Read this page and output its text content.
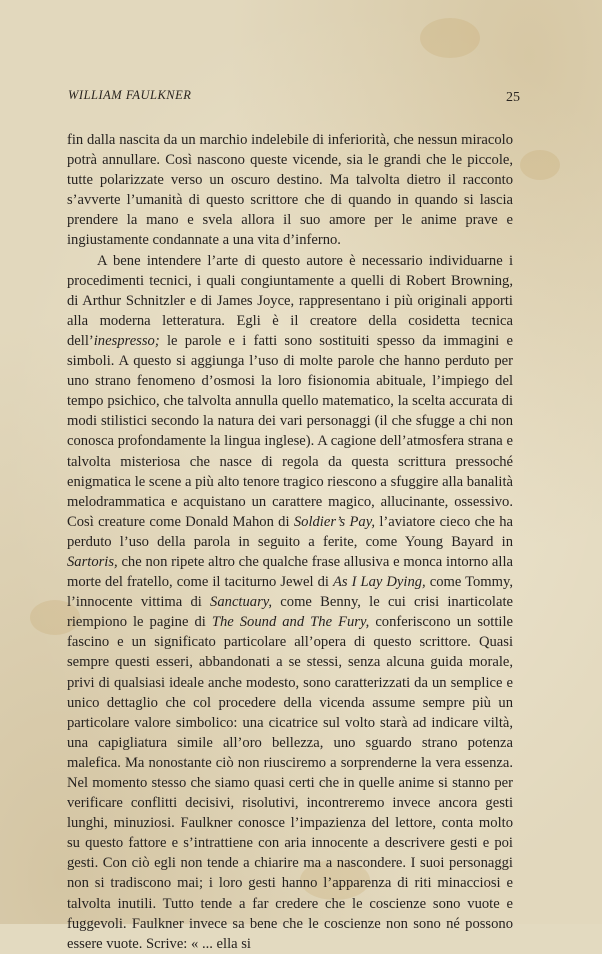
WILLIAM FAULKNER	25

fin dalla nascita da un marchio indelebile di inferiorità, che nessun miracolo potrà annullare. Così nascono queste vicende, sia le grandi che le piccole, tutte polarizzate verso un oscuro destino. Ma talvolta dietro il racconto s’avverte l’umanità di questo scrittore che di quando in quando si lascia prendere la mano e svela allora il suo amore per le anime prave e ingiustamente condannate a una vita d’inferno.

A bene intendere l’arte di questo autore è necessario individuarne i procedimenti tecnici, i quali congiuntamente a quelli di Robert Browning, di Arthur Schnitzler e di James Joyce, rappresentano i più originali apporti alla moderna letteratura. Egli è il creatore della cosidetta tecnica dell’inespresso; le parole e i fatti sono sostituiti spesso da immagini e simboli. A questo si aggiunga l’uso di molte parole che hanno perduto per uno strano fenomeno d’osmosi la loro fisionomia abituale, l’impiego del tempo psichico, che talvolta annulla quello matematico, la scelta accurata di modi stilistici secondo la natura dei vari personaggi (il che sfugge a chi non conosca profondamente la lingua inglese). A cagione dell’atmosfera strana e talvolta misteriosa che nasce di regola da questa scrittura pressoché enigmatica le scene a più alto tenore tragico riescono a sfuggire alla banalità melodrammatica e acquistano un carattere magico, allucinante, ossessivo. Così creature come Donald Mahon di Soldier’s Pay, l’aviatore cieco che ha perduto l’uso della parola in seguito a ferite, come Young Bayard in Sartoris, che non ripete altro che qualche frase allusiva e monca intorno alla morte del fratello, come il taciturno Jewel di As I Lay Dying, come Tommy, l’innocente vittima di Sanctuary, come Benny, le cui crisi inarticolate riempiono le pagine di The Sound and The Fury, conferiscono un sottile fascino e un significato particolare all’opera di questo scrittore. Quasi sempre questi esseri, abbandonati a se stessi, senza alcuna guida morale, privi di qualsiasi ideale anche modesto, sono caratterizzati da un semplice e unico dettaglio che col procedere della vicenda assume sempre più un particolare valore simbolico: una cicatrice sul volto starà ad indicare viltà, una capigliatura simile all’oro bellezza, uno sguardo strano potenza malefica. Ma nonostante ciò non riusciremo a sorprenderne la vera essenza. Nel momento stesso che siamo quasi certi che in quelle anime si stanno per verificare conflitti decisivi, risolutivi, incontreremo invece ancora gesti lunghi, minuziosi. Faulkner conosce l’impazienza del lettore, conta molto su questo fattore e s’intrattiene con aria innocente a descrivere gesti e poi gesti. Con ciò egli non tende a chiarire ma a nascondere. I suoi personaggi non si tradiscono mai; i loro gesti hanno l’apparenza di riti minacciosi e talvolta inutili. Tutto tende a far credere che le coscienze sono vuote e fuggevoli. Faulkner invece sa bene che le coscienze non sono né possono essere vuote. Scrive: « ... ella si
